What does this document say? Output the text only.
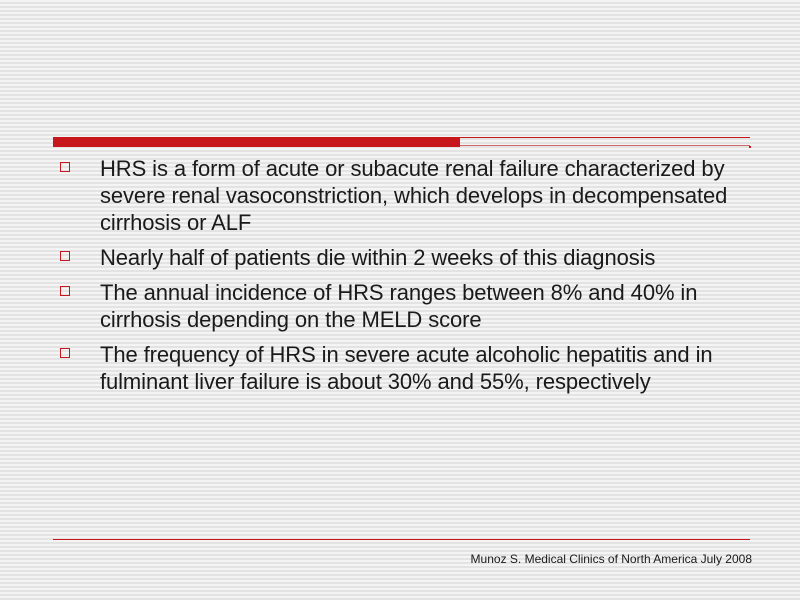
HRS is a form of acute or subacute renal failure characterized by severe renal vasoconstriction, which develops in decompensated cirrhosis or ALF
Nearly half of patients die within 2 weeks of this diagnosis
The annual incidence of HRS ranges between 8% and 40% in cirrhosis depending on the MELD score
The frequency of HRS in severe acute alcoholic hepatitis and in fulminant liver failure is about 30% and 55%, respectively
Munoz S. Medical Clinics of North America July 2008
